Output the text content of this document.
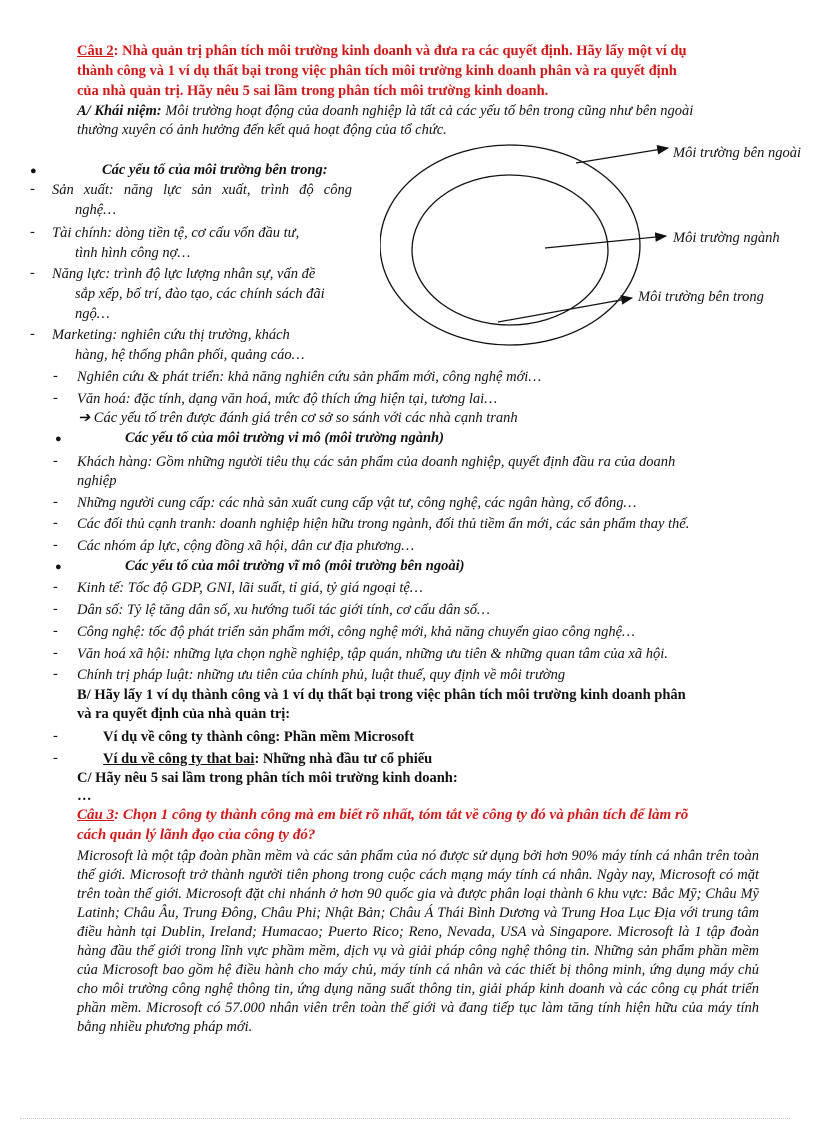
Câu 2: Nhà quản trị phân tích môi trường kinh doanh và đưa ra các quyết định. Hãy lấy một ví dụ
thành công và 1 ví dụ thất bại trong việc phân tích môi trường kinh doanh phân và ra quyết định
của nhà quản trị. Hãy nêu 5 sai lầm trong phân tích môi trường kinh doanh.
A/ Khái niệm: Môi trường hoạt động của doanh nghiệp là tất cả các yếu tố bên trong cũng như bên ngoài
thường xuyên có ảnh hưởng đến kết quả hoạt động của tổ chức.
Môi trường bên ngoài
Môi trường ngành
Môi trường bên trong
●	Các yếu tố của môi trường bên trong:
- Sản xuất: năng lực sản xuất, trình độ công
nghệ…
- Tài chính: dòng tiền tệ, cơ cấu vốn đầu tư,
tình hình công nợ…
- Năng lực: trình độ lực lượng nhân sự, vấn đề
sắp xếp, bố trí, đào tạo, các chính sách đãi
ngộ…
- Marketing: nghiên cứu thị trường, khách
hàng, hệ thống phân phối, quảng cáo…
- Nghiên cứu & phát triển: khả năng nghiên cứu sản phẩm mới, công nghệ mới…
- Văn hoá: đặc tính, dạng văn hoá, mức độ thích ứng hiện tại, tương lai…
➔ Các yếu tố trên được đánh giá trên cơ sở so sánh với các nhà cạnh tranh
●	Các yếu tố của môi trường vi mô (môi trường ngành)
- Khách hàng: Gồm những người tiêu thụ các sản phẩm của doanh nghiệp, quyết định đầu ra của doanh
nghiệp
- Những người cung cấp: các nhà sản xuất cung cấp vật tư, công nghệ, các ngân hàng, cổ đông…
- Các đối thủ cạnh tranh: doanh nghiệp hiện hữu trong ngành, đối thủ tiềm ẩn mới, các sản phẩm thay thế.
- Các nhóm áp lực, cộng đồng xã hội, dân cư địa phương…
●	Các yếu tố của môi trường vĩ mô (môi trường bên ngoài)
- Kinh tế: Tốc độ GDP, GNI, lãi suất, tỉ giá, tỷ giá ngoại tệ…
- Dân số: Tỷ lệ tăng dân số, xu hướng tuổi tác giới tính, cơ cấu dân số…
- Công nghệ: tốc độ phát triển sản phẩm mới, công nghệ mới, khả năng chuyển giao công nghệ…
- Văn hoá xã hội: những lựa chọn nghề nghiệp, tập quán, những ưu tiên & những quan tâm của xã hội.
- Chính trị pháp luật: những ưu tiên của chính phủ, luật thuế, quy định về môi trường
B/ Hãy lấy 1 ví dụ thành công và 1 ví dụ thất bại trong việc phân tích môi trường kinh doanh phân
và ra quyết định của nhà quản trị:
-	Ví dụ về công ty thành công: Phần mềm Microsoft
-	Ví du về công ty that bai: Những nhà đầu tư cổ phiếu
C/ Hãy nêu 5 sai lầm trong phân tích môi trường kinh doanh:
…
Câu 3: Chọn 1 công ty thành công mà em biết rõ nhất, tóm tắt về công ty đó và phân tích để làm rõ
cách quản lý lãnh đạo của công ty đó?
Microsoft là một tập đoàn phần mềm và các sản phẩm của nó được sử dụng bởi hơn 90% máy tính cá nhân trên toàn thế giới. Microsoft trở thành người tiên phong trong cuộc cách mạng máy tính cá nhân. Ngày nay, Microsoft có mặt trên toàn thế giới. Microsoft đặt chi nhánh ở hơn 90 quốc gia và được phân loại thành 6 khu vực: Bắc Mỹ; Châu Mỹ Latinh; Châu Âu, Trung Đông, Châu Phi; Nhật Bản; Châu Á Thái Bình Dương và Trung Hoa Lục Địa với trung tâm điều hành tại Dublin, Ireland; Humacao; Puerto Rico; Reno, Nevada, USA và Singapore. Microsoft là 1 tập đoàn hàng đầu thế giới trong lĩnh vực phầm mềm, dịch vụ và giải pháp công nghệ thông tin. Những sản phẩm phần mềm của Microsoft bao gồm hệ điều hành cho máy chủ, máy tính cá nhân và các thiết bị thông minh, ứng dụng máy chủ cho môi trường công nghệ thông tin, ứng dụng năng suất thông tin, giải pháp kinh doanh và các công cụ phát triển phần mềm. Microsoft có 57.000 nhân viên trên toàn thế giới và đang tiếp tục làm tăng tính hiện hữu của máy tính bằng nhiều phương pháp mới.
